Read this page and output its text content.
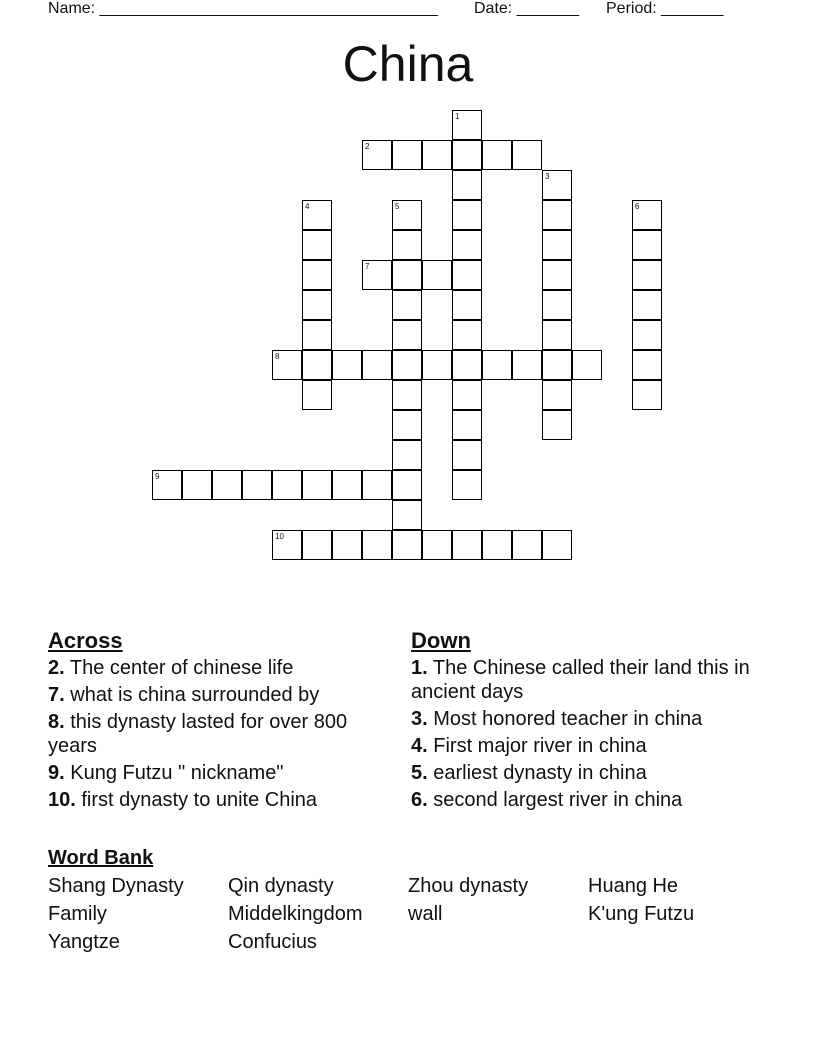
Name: ______________________________________

Date: _______

Period: _______

China
1
2
3
4	5	6
7
8
9
10
Across
2. The center of chinese life
7. what is china surrounded by
8. this dynasty lasted for over 800 years
9. Kung Futzu " nickname"
10. first dynasty to unite China
Down
1. The Chinese called their land this in ancient days
3. Most honored teacher in china
4. First major river in china
5. earliest dynasty in china
6. second largest river in china
Word Bank
Shang Dynasty	Qin dynasty	Zhou dynasty	Huang He
Family	Middelkingdom	wall	K'ung Futzu
Yangtze	Confucius
